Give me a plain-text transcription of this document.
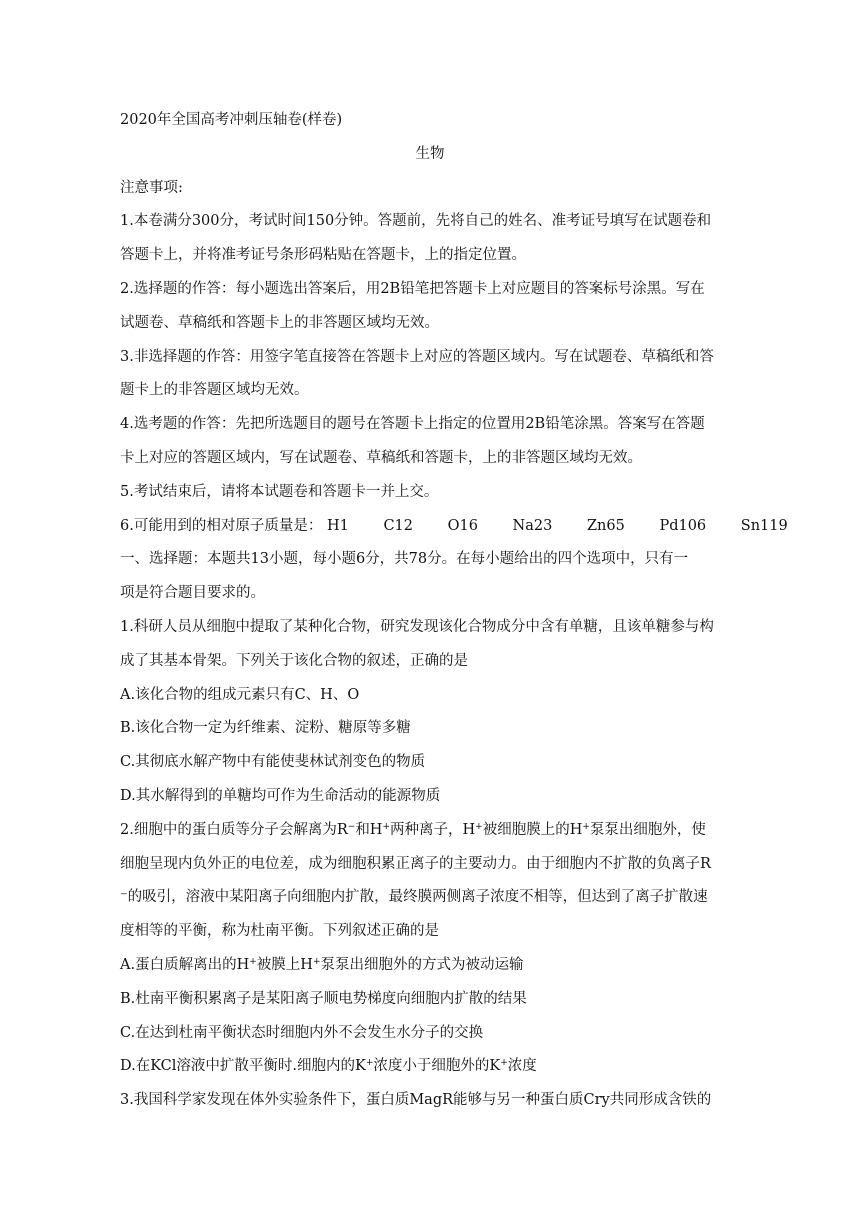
2020年全国高考冲刺压轴卷(样卷)
生物
注意事项:
1.本卷满分300分，考试时间150分钟。答题前，先将自己的姓名、准考证号填写在试题卷和
答题卡上，并将准考证号条形码粘贴在答题卡，上的指定位置。
2.选择题的作答：每小题选出答案后，用2B铅笔把答题卡上对应题目的答案标号涂黑。写在
试题卷、草稿纸和答题卡上的非答题区域均无效。
3.非选择题的作答：用签字笔直接答在答题卡上对应的答题区域内。写在试题卷、草稿纸和答
题卡上的非答题区域均无效。
4.选考题的作答：先把所选题目的题号在答题卡上指定的位置用2B铅笔涂黑。答案写在答题
卡上对应的答题区域内，写在试题卷、草稿纸和答题卡，上的非答题区域均无效。
5.考试结束后，请将本试题卷和答题卡一并上交。
6.可能用到的相对原子质量是： H1 C12 O16 Na23 Zn65 Pd106 Sn119
一、选择题：本题共13小题，每小题6分，共78分。在每小题给出的四个选项中，只有一
项是符合题目要求的。
1.科研人员从细胞中提取了某种化合物，研究发现该化合物成分中含有单糖，且该单糖参与构
成了其基本骨架。下列关于该化合物的叙述，正确的是
A.该化合物的组成元素只有C、H、O
B.该化合物一定为纤维素、淀粉、糖原等多糖
C.其彻底水解产物中有能使斐林试剂变色的物质
D.其水解得到的单糖均可作为生命活动的能源物质
2.细胞中的蛋白质等分子会解离为R−和H+两种离子，H+被细胞膜上的H+泵泵出细胞外，使
细胞呈现内负外正的电位差，成为细胞积累正离子的主要动力。由于细胞内不扩散的负离子R
⁻的吸引，溶液中某阳离子向细胞内扩散，最终膜两侧离子浓度不相等，但达到了离子扩散速
度相等的平衡，称为杜南平衡。下列叙述正确的是
A.蛋白质解离出的H+被膜上H+泵泵出细胞外的方式为被动运输
B.杜南平衡积累离子是某阳离子顺电势梯度向细胞内扩散的结果
C.在达到杜南平衡状态时细胞内外不会发生水分子的交换
D.在KCl溶液中扩散平衡时.细胞内的K+浓度小于细胞外的K+浓度
3.我国科学家发现在体外实验条件下，蛋白质MagR能够与另一种蛋白质Cry共同形成含铁的
